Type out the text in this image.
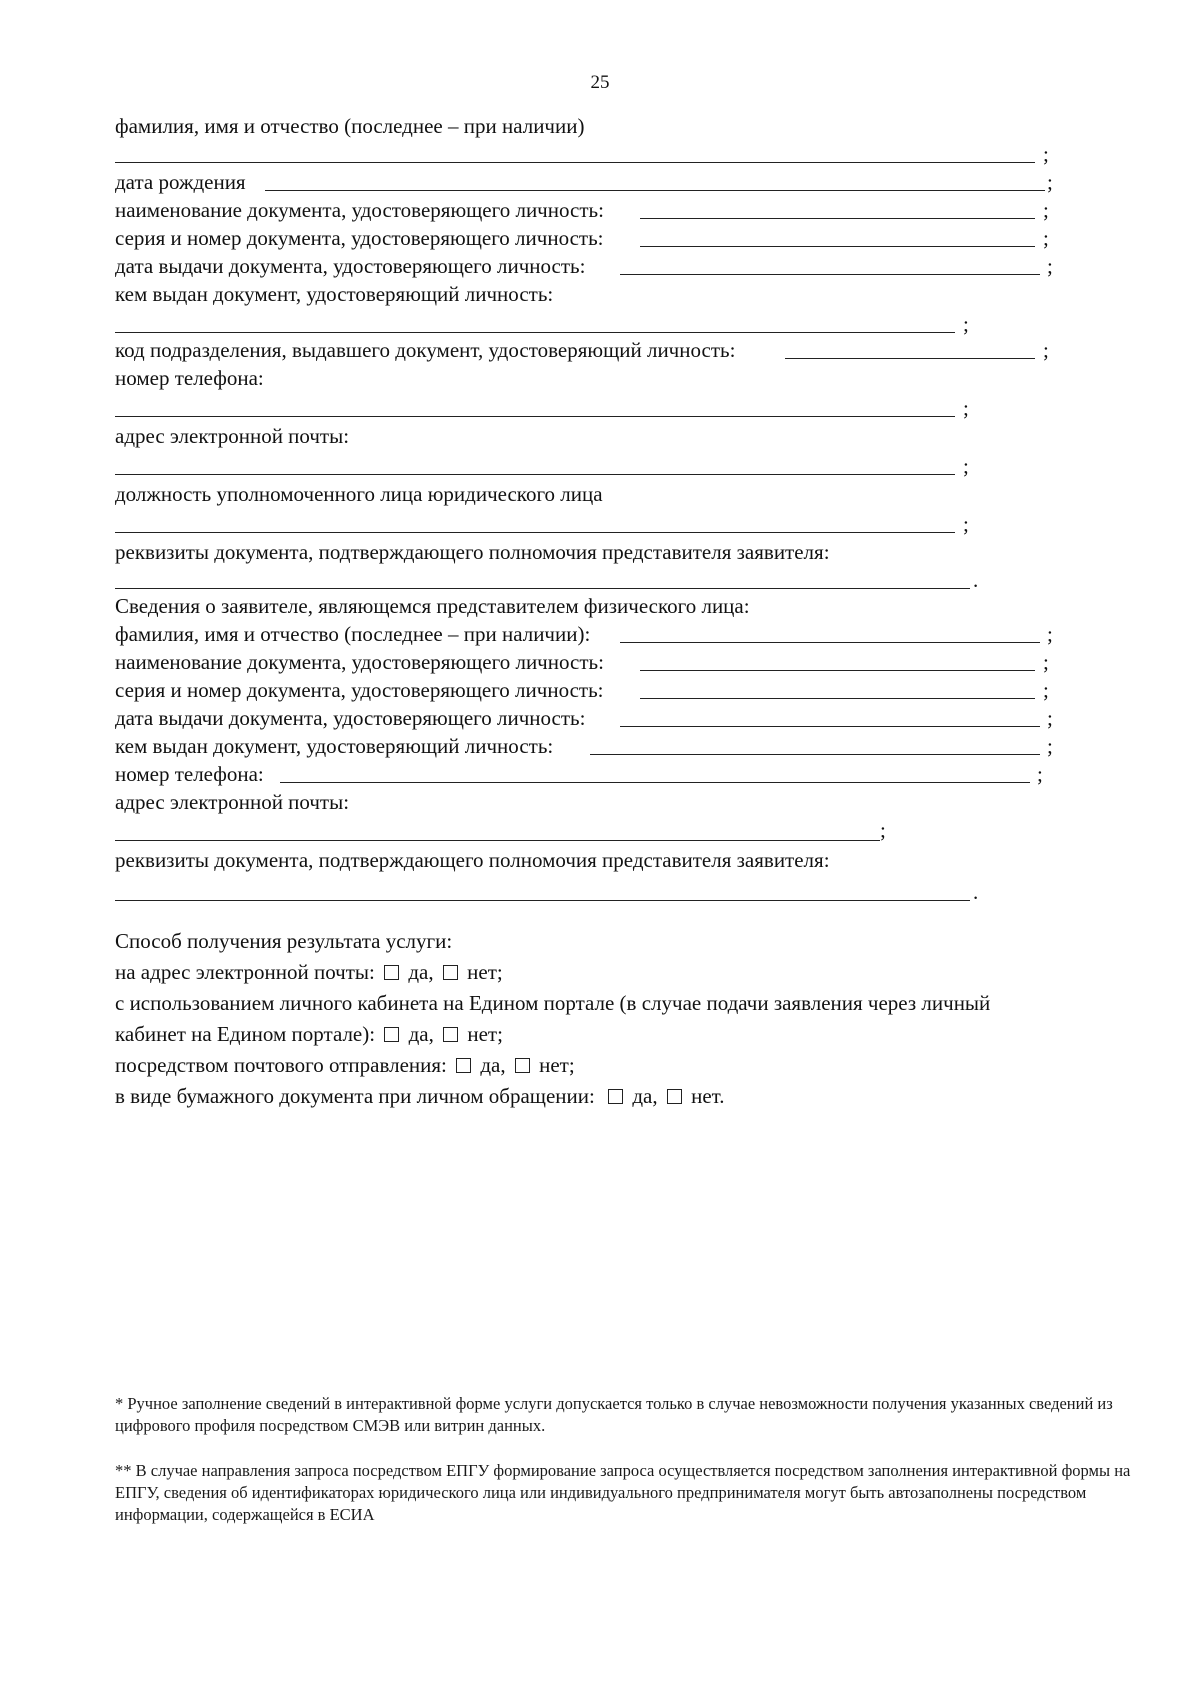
25
фамилия, имя и отчество (последнее – при наличии)
;
дата рождения	;
наименование документа, удостоверяющего личность:	;
серия и номер документа, удостоверяющего личность:	;
дата выдачи документа, удостоверяющего личность:	;
кем выдан документ, удостоверяющий личность:
;
код подразделения, выдавшего документ, удостоверяющий личность:	;
номер телефона:
;
адрес электронной почты:
;
должность уполномоченного лица юридического лица
;
реквизиты документа, подтверждающего полномочия представителя заявителя:
.
Сведения о заявителе, являющемся представителем физического лица:
фамилия, имя и отчество (последнее – при наличии):	;
наименование документа, удостоверяющего личность:	;
серия и номер документа, удостоверяющего личность:	;
дата выдачи документа, удостоверяющего личность:	;
кем выдан документ, удостоверяющий личность:	;
номер телефона:	;
адрес электронной почты:
;
реквизиты документа, подтверждающего полномочия представителя заявителя:
.
Способ получения результата услуги:
на адрес электронной почты: да, нет;
с использованием личного кабинета на Едином портале (в случае подачи заявления через личный
кабинет на Едином портале): да, нет;
посредством почтового отправления: да, нет;
в виде бумажного документа при личном обращении: да, нет.

* Ручное заполнение сведений в интерактивной форме услуги допускается только в случае невозможности получения указанных сведений из цифрового профиля посредством СМЭВ или витрин данных.

** В случае направления запроса посредством ЕПГУ формирование запроса осуществляется посредством заполнения интерактивной формы на ЕПГУ, сведения об идентификаторах юридического лица или индивидуального предпринимателя могут быть автозаполнены посредством информации, содержащейся в ЕСИА
